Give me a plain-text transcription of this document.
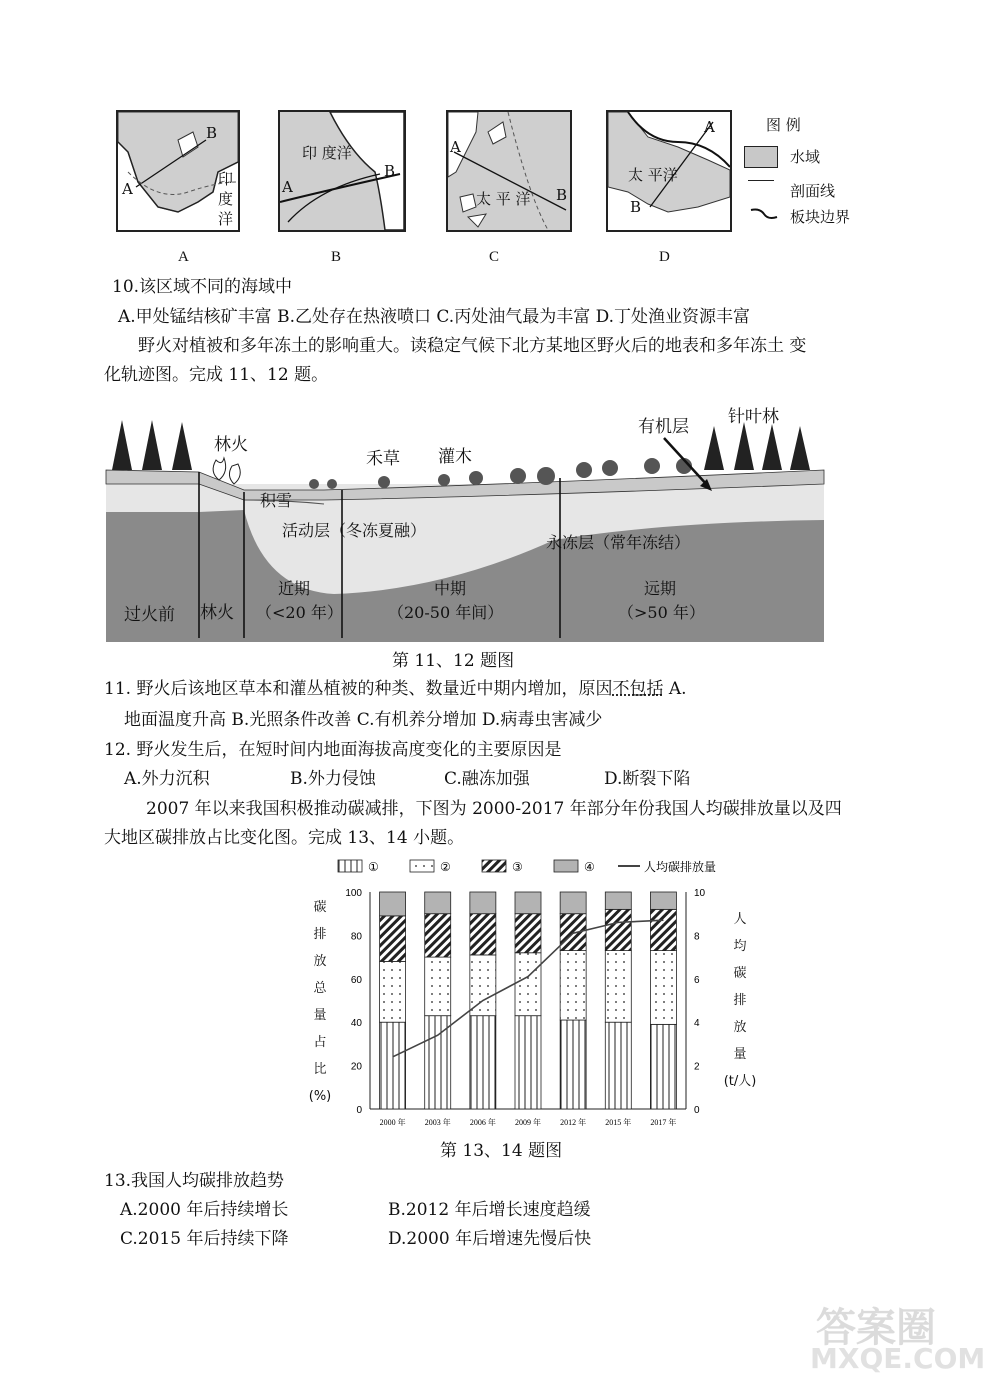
B
A
印
度
洋
印 度洋
A
B
A
太 平 洋 B
A
太 平洋
B
A	B	C	D
图 例
水域
剖面线
板块边界
10.该区域不同的海域中
A.甲处锰结核矿丰富 B.乙处存在热液喷口 C.丙处油气最为丰富 D.丁处渔业资源丰富
野火对植被和多年冻土的影响重大。读稳定气候下北方某地区野火后的地表和多年冻土 变
化轨迹图。完成 11、12 题。
有机层 针叶林
林火
禾草 灌木
积雪
活动层（冬冻夏融）
永冻层（常年冻结）
过火前 林火
近期
（<20 年）
中期
（20-50 年间）
远期
（>50 年）
第 11、12 题图
11. 野火后该地区草本和灌丛植被的种类、数量近中期内增加，原因不包括 A.
地面温度升高 B.光照条件改善 C.有机养分增加 D.病毒虫害减少
12. 野火发生后，在短时间内地面海拔高度变化的主要原因是
A.外力沉积	B.外力侵蚀	C.融冻加强	D.断裂下陷
2007 年以来我国积极推动碳减排，下图为 2000-2017 年部分年份我国人均碳排放量以及四
大地区碳排放占比变化图。完成 13、14 小题。
①	②	③	④	人均碳排放量
0
20
40
60
80
100
0
2
4
6
8
10
2000 年 2003 年 2006 年 2009 年 2012 年 2015 年 2017 年
碳
排
放
总
量
占
比
(%)
人
均
碳
排
放
量
(t/人)
第 13、14 题图
13.我国人均碳排放趋势
A.2000 年后持续增长	B.2012 年后增长速度趋缓
C.2015 年后持续下降	D.2000 年后增速先慢后快
答案圈
MXQE.COM
